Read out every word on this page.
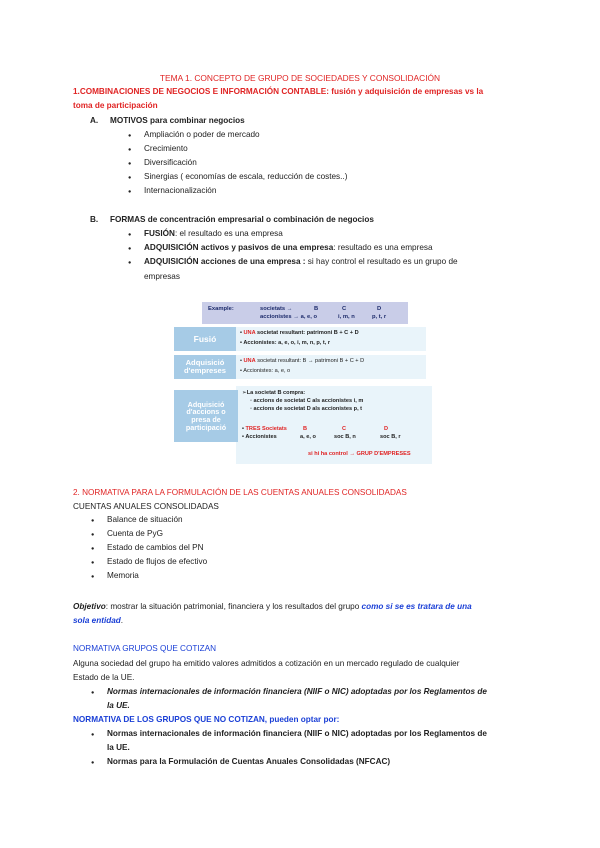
TEMA 1. CONCEPTO DE GRUPO DE SOCIEDADES Y CONSOLIDACIÓN
1.COMBINACIONES DE NEGOCIOS E INFORMACIÓN CONTABLE: fusión y adquisición de empresas vs la
toma de participación
A. MOTIVOS para combinar negocios
● Ampliación o poder de mercado
● Crecimiento
● Diversificación
● Sinergias ( economías de escala, reducción de costes..)
● Internacionalización
B. FORMAS de concentración empresarial o combinación de negocios
● FUSIÓN: el resultado es una empresa
● ADQUISICIÓN activos y pasivos de una empresa: resultado es una empresa
● ADQUISICIÓN acciones de una empresa : si hay control el resultado es un grupo de
empresas
Example:	societats →	B	C	D
accionistes → a, e, o	i, m, n	p, t, r
Fusió
• UNA societat resultant: patrimoni B + C + D
• Accionistes: a, e, o, i, m, n, p, t, r
Adquisició d'empreses
• UNA societat resultant: B → patrimoni B + C + D
• Accionistes: a, e, o
Adquisició d'accions o presa de participació
➢La societat B compra:
◦ accions de societat C als accionistes i, m
◦ accions de societat D als accionistes p, t
• TRES Societats	B	C	D
• Accionistes	a, e, o	soc B, n	soc B, r
si hi ha control → GRUP D'EMPRESES
2. NORMATIVA PARA LA FORMULACIÓN DE LAS CUENTAS ANUALES CONSOLIDADAS
CUENTAS ANUALES CONSOLIDADAS
● Balance de situación
● Cuenta de PyG
● Estado de cambios del PN
● Estado de flujos de efectivo
● Memoria
Objetivo: mostrar la situación patrimonial, financiera y los resultados del grupo como si se es tratara de una
sola entidad.
NORMATIVA GRUPOS QUE COTIZAN
Alguna sociedad del grupo ha emitido valores admitidos a cotización en un mercado regulado de cualquier
Estado de la UE.
● Normas internacionales de información financiera (NIIF o NIC) adoptadas por los Reglamentos de
la UE.
NORMATIVA DE LOS GRUPOS QUE NO COTIZAN, pueden optar por:
● Normas internacionales de información financiera (NIIF o NIC) adoptadas por los Reglamentos de
la UE.
● Normas para la Formulación de Cuentas Anuales Consolidadas (NFCAC)
